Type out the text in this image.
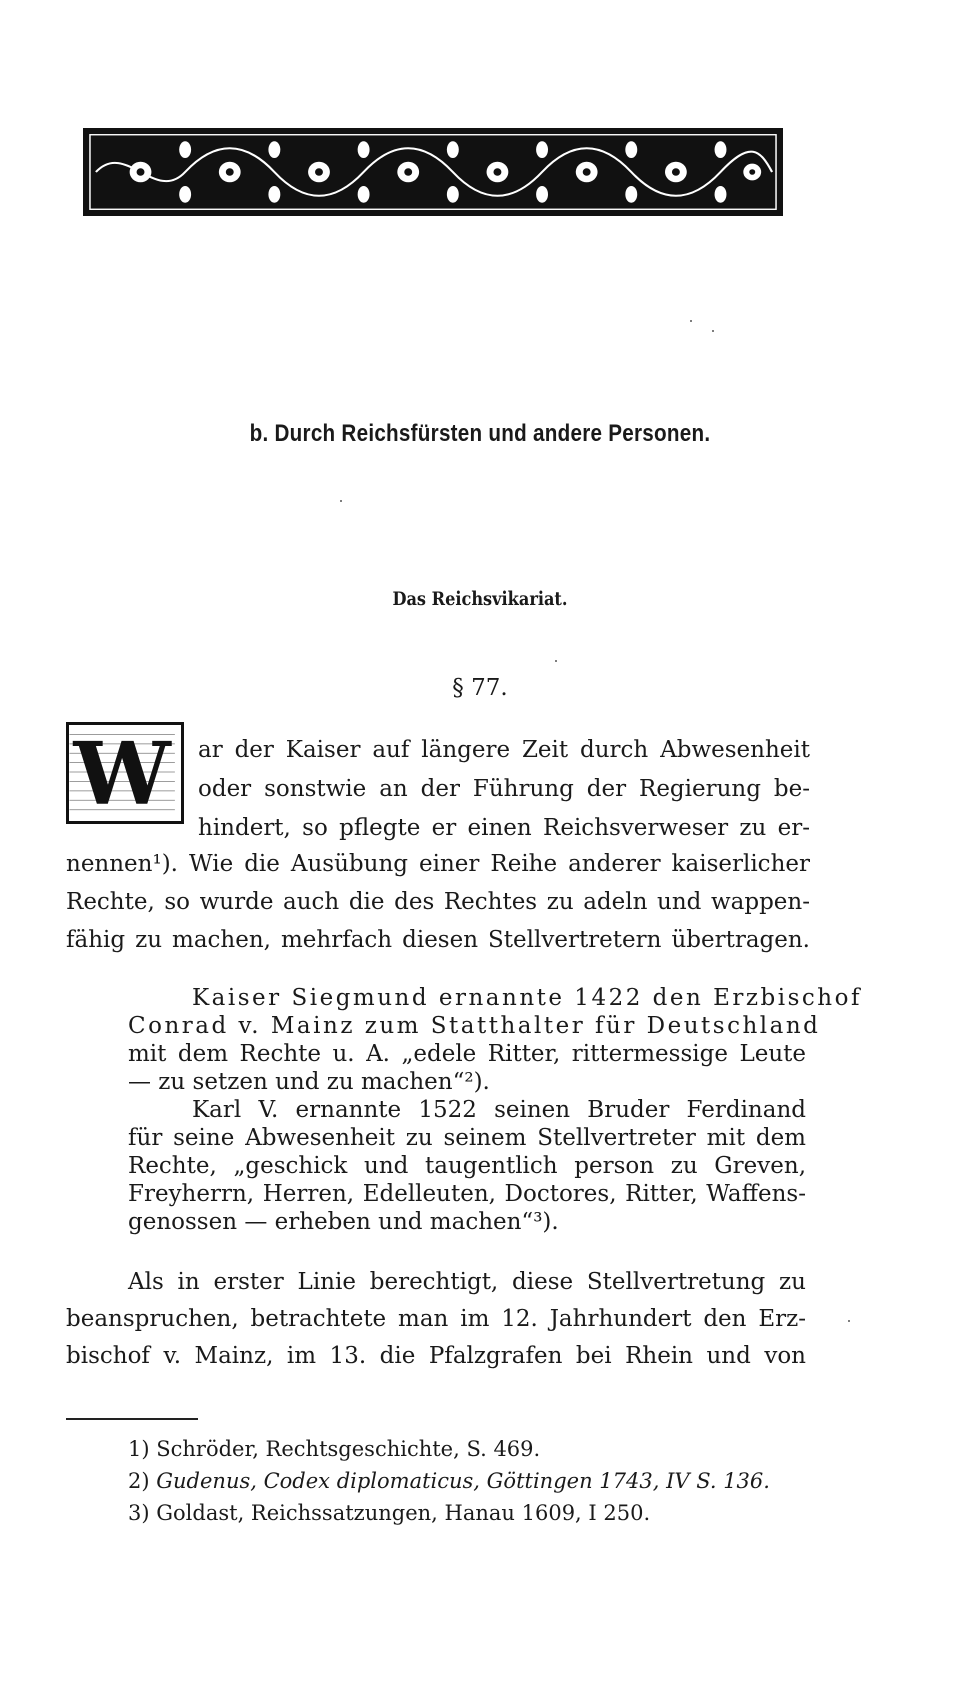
b. Durch Reichsfürsten und andere Personen.
Das Reichsvikariat.
§ 77.
W ar der Kaiser auf längere Zeit durch Abwesenheit
oder sonstwie an der Führung der Regierung be-
hindert, so pflegte er einen Reichsverweser zu er-
nennen¹). Wie die Ausübung einer Reihe anderer kaiserlicher
Rechte, so wurde auch die des Rechtes zu adeln und wappen-
fähig zu machen, mehrfach diesen Stellvertretern übertragen.
Kaiser Siegmund ernannte 1422 den Erzbischof
Conrad v. Mainz zum Statthalter für Deutschland
mit dem Rechte u. A. „edele Ritter, rittermessige Leute
— zu setzen und zu machen“²).
Karl V. ernannte 1522 seinen Bruder Ferdinand
für seine Abwesenheit zu seinem Stellvertreter mit dem
Rechte, „geschick und taugentlich person zu Greven,
Freyherrn, Herren, Edelleuten, Doctores, Ritter, Waffens-
genossen — erheben und machen“³).
Als in erster Linie berechtigt, diese Stellvertretung zu
beanspruchen, betrachtete man im 12. Jahrhundert den Erz-
bischof v. Mainz, im 13. die Pfalzgrafen bei Rhein und von
1) Schröder, Rechtsgeschichte, S. 469.
2) Gudenus, Codex diplomaticus, Göttingen 1743, IV S. 136.
3) Goldast, Reichssatzungen, Hanau 1609, I 250.
